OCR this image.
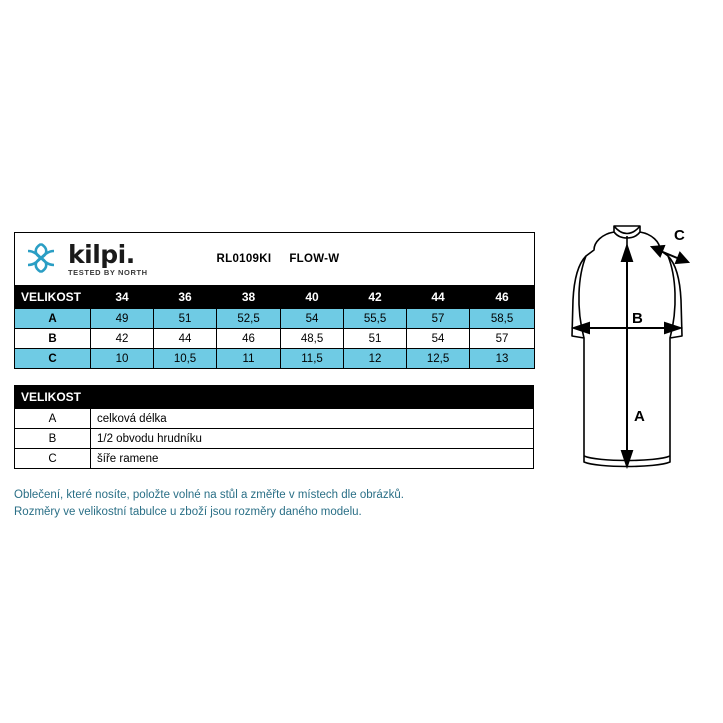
kilpi.
TESTED BY NORTH			RL0109KI FLOW-W				
VELIKOST	34	36	38	40	42	44	46
A	49	51	52,5	54	55,5	57	58,5
B	42	44	46	48,5	51	54	57
C	10	10,5	11	11,5	12	12,5	13
VELIKOST	
A	celková délka
B	1/2 obvodu hrudníku
C	šíře ramene
Oblečení, které nosíte, položte volné na stůl a změřte v místech dle obrázků.
Rozměry ve velikostní tabulce u zboží jsou rozměry daného modelu.
A
B
C
